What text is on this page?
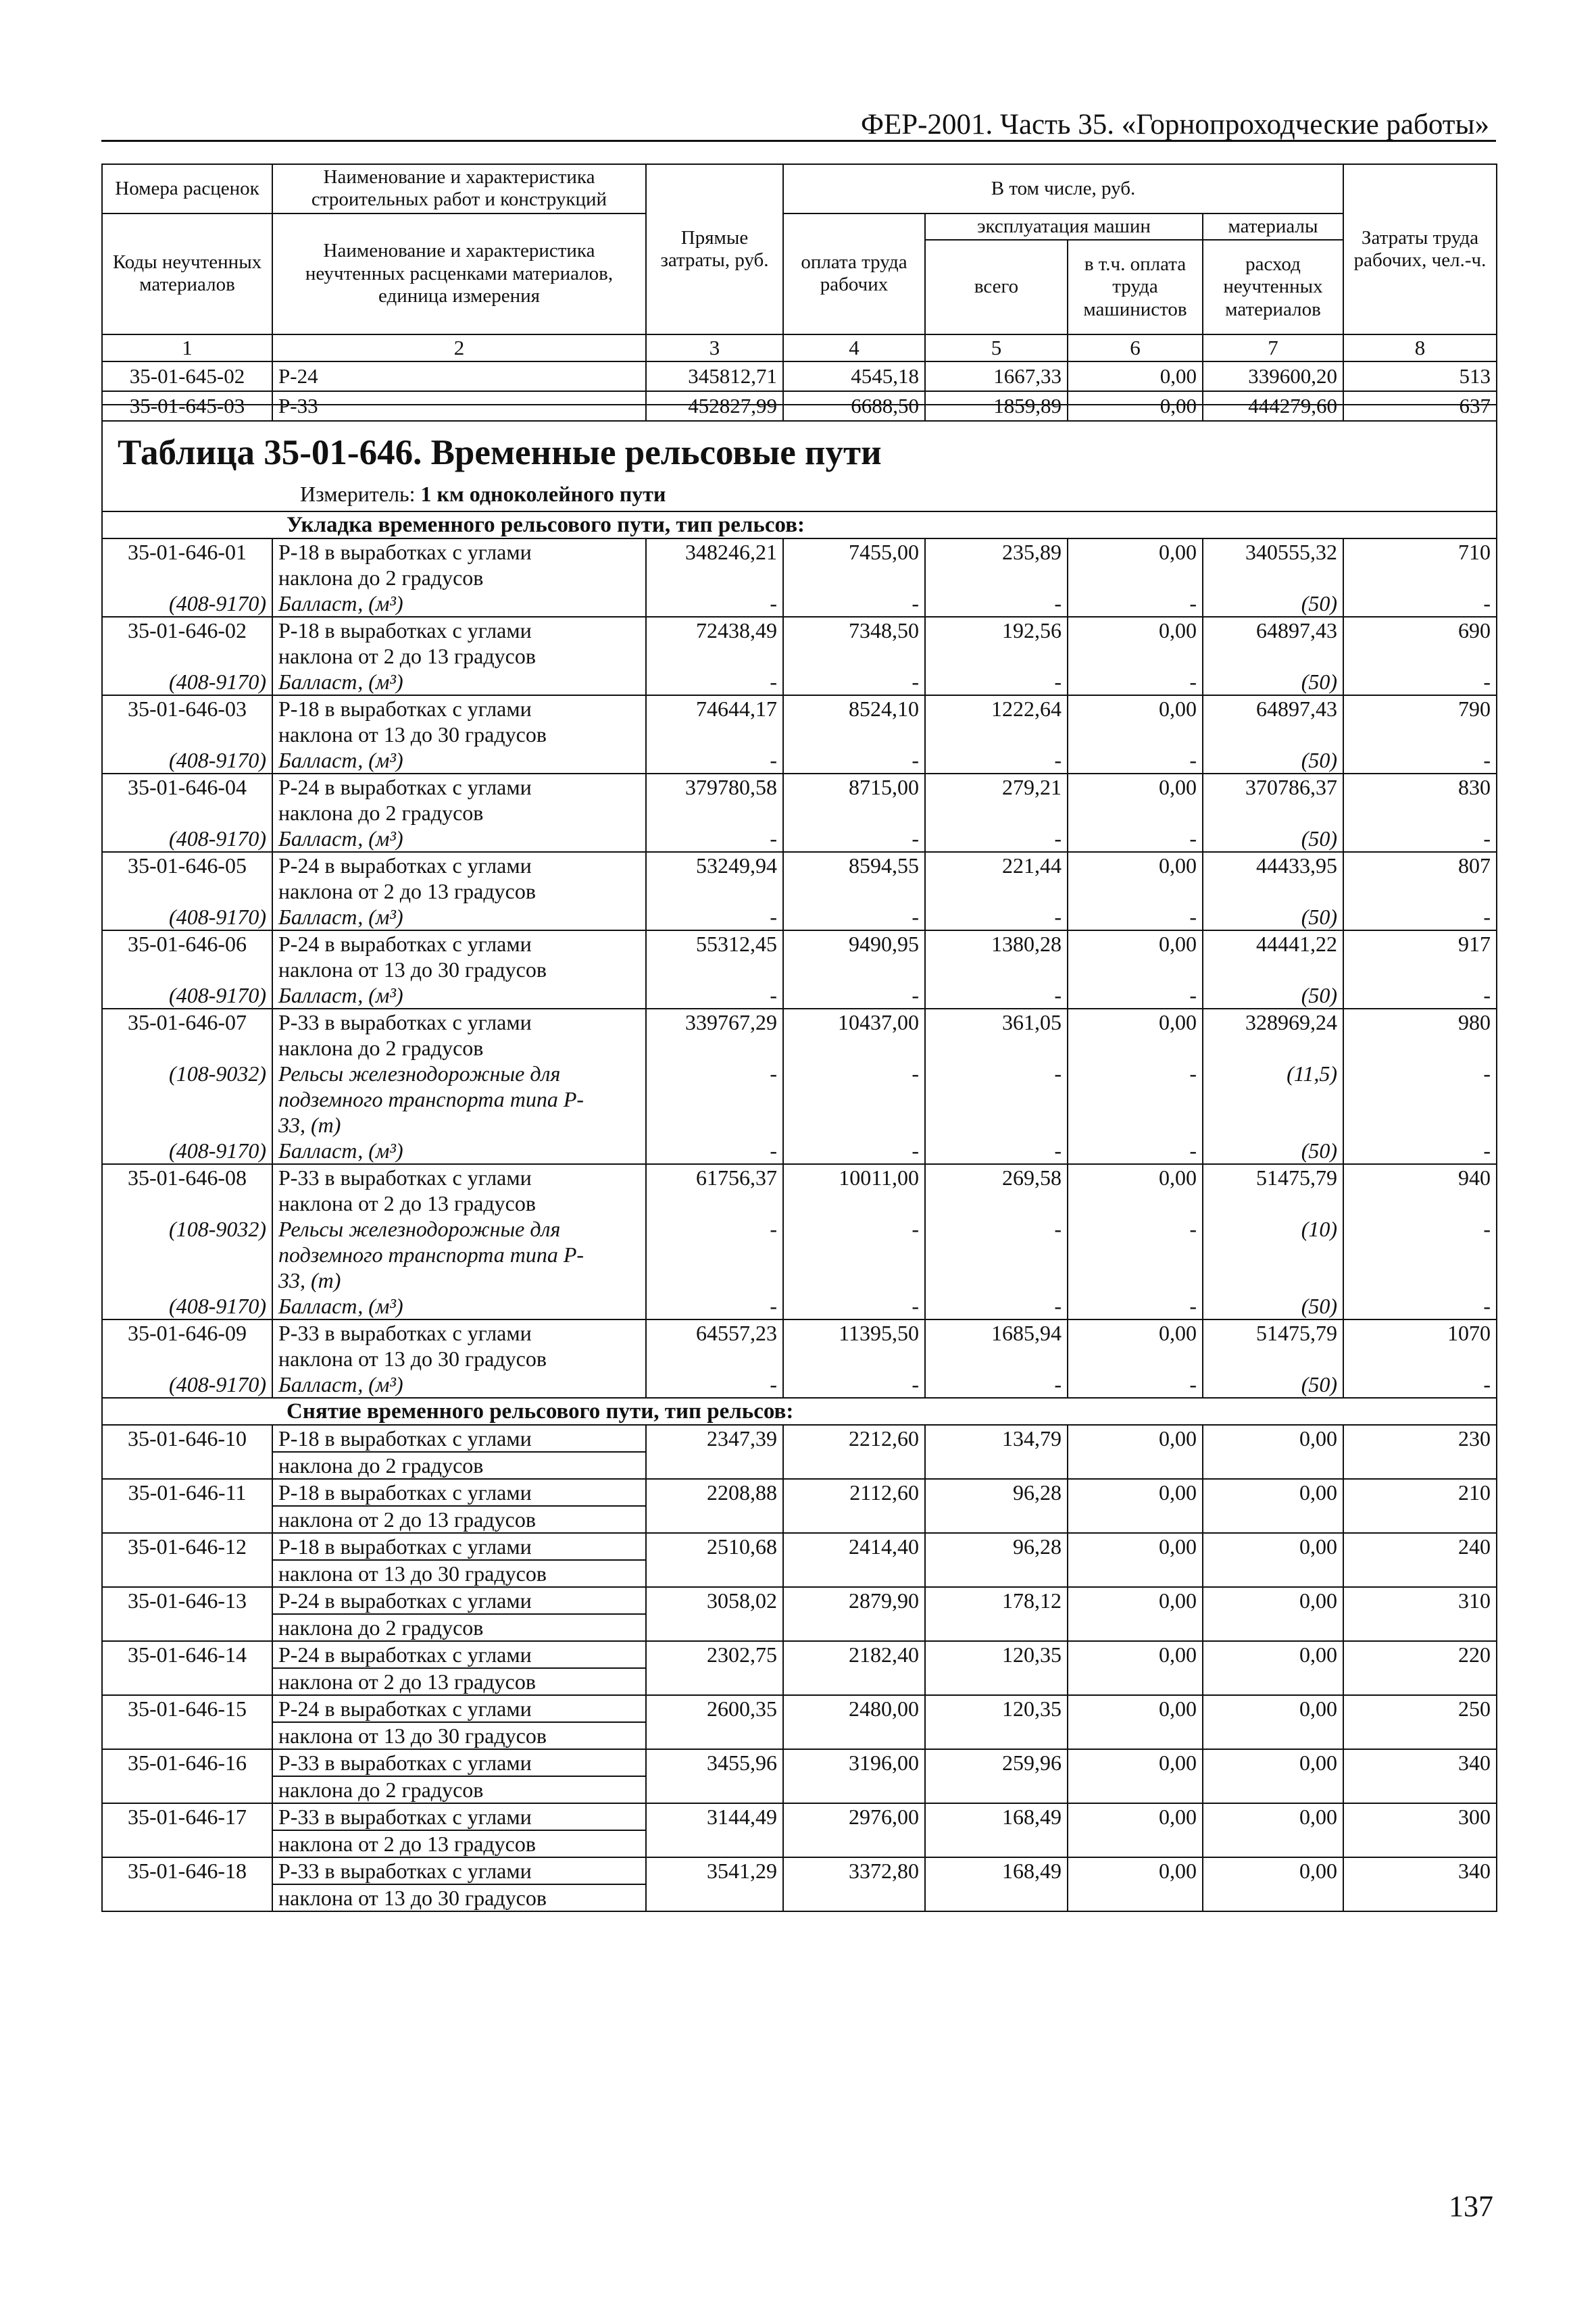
ФЕР-2001. Часть 35. «Горнопроходческие работы»
Номера расценок	Наименование и характеристика строительных работ и конструкций	Прямые затраты, руб.	В том числе, руб.				Затраты труда рабочих, чел.-ч.
Коды неучтенных материалов	Наименование и характеристика неучтенных расценками материалов, единица измерения		оплата труда рабочих	эксплуатация машин		материалы	
				всего	в т.ч. оплата труда машинистов	расход неучтенных материалов	
1	2	3	4	5	6	7	8
35-01-645-02	Р-24	345812,71	4545,18	1667,33	0,00	339600,20	513
35-01-645-03	Р-33	452827,99	6688,50	1859,89	0,00	444279,60	637
Таблица 35-01-646. Временные рельсовые пути
Измеритель: 1 км одноколейного пути							

Укладка временного рельсового пути, тип рельсов:							
35-01-646-01	Р-18 в выработках с углами	348246,21	7455,00	235,89	0,00	340555,32	710
	наклона до 2 градусов						
(408-9170)	Балласт, (м³)	-	-	-	-	(50)	-
35-01-646-02	Р-18 в выработках с углами	72438,49	7348,50	192,56	0,00	64897,43	690
	наклона от 2 до 13 градусов						
(408-9170)	Балласт, (м³)	-	-	-	-	(50)	-
35-01-646-03	Р-18 в выработках с углами	74644,17	8524,10	1222,64	0,00	64897,43	790
	наклона от 13 до 30 градусов						
(408-9170)	Балласт, (м³)	-	-	-	-	(50)	-
35-01-646-04	Р-24 в выработках с углами	379780,58	8715,00	279,21	0,00	370786,37	830
	наклона до 2 градусов						
(408-9170)	Балласт, (м³)	-	-	-	-	(50)	-
35-01-646-05	Р-24 в выработках с углами	53249,94	8594,55	221,44	0,00	44433,95	807
	наклона от 2 до 13 градусов						
(408-9170)	Балласт, (м³)	-	-	-	-	(50)	-
35-01-646-06	Р-24 в выработках с углами	55312,45	9490,95	1380,28	0,00	44441,22	917
	наклона от 13 до 30 градусов						
(408-9170)	Балласт, (м³)	-	-	-	-	(50)	-
35-01-646-07	Р-33 в выработках с углами	339767,29	10437,00	361,05	0,00	328969,24	980
	наклона до 2 градусов						
(108-9032)	Рельсы железнодорожные для	-	-	-	-	(11,5)	-
	подземного транспорта типа Р-						
	33, (т)						
(408-9170)	Балласт, (м³)	-	-	-	-	(50)	-
35-01-646-08	Р-33 в выработках с углами	61756,37	10011,00	269,58	0,00	51475,79	940
	наклона от 2 до 13 градусов						
(108-9032)	Рельсы железнодорожные для	-	-	-	-	(10)	-
	подземного транспорта типа Р-						
	33, (т)						
(408-9170)	Балласт, (м³)	-	-	-	-	(50)	-
35-01-646-09	Р-33 в выработках с углами	64557,23	11395,50	1685,94	0,00	51475,79	1070
	наклона от 13 до 30 градусов						
(408-9170)	Балласт, (м³)	-	-	-	-	(50)	-
Снятие временного рельсового пути, тип рельсов:							
35-01-646-10	Р-18 в выработках с углами	2347,39	2212,60	134,79	0,00	0,00	230
	наклона до 2 градусов						
35-01-646-11	Р-18 в выработках с углами	2208,88	2112,60	96,28	0,00	0,00	210
	наклона от 2 до 13 градусов						
35-01-646-12	Р-18 в выработках с углами	2510,68	2414,40	96,28	0,00	0,00	240
	наклона от 13 до 30 градусов						
35-01-646-13	Р-24 в выработках с углами	3058,02	2879,90	178,12	0,00	0,00	310
	наклона до 2 градусов						
35-01-646-14	Р-24 в выработках с углами	2302,75	2182,40	120,35	0,00	0,00	220
	наклона от 2 до 13 градусов						
35-01-646-15	Р-24 в выработках с углами	2600,35	2480,00	120,35	0,00	0,00	250
	наклона от 13 до 30 градусов						
35-01-646-16	Р-33 в выработках с углами	3455,96	3196,00	259,96	0,00	0,00	340
	наклона до 2 градусов						
35-01-646-17	Р-33 в выработках с углами	3144,49	2976,00	168,49	0,00	0,00	300
	наклона от 2 до 13 градусов						
35-01-646-18	Р-33 в выработках с углами	3541,29	3372,80	168,49	0,00	0,00	340
	наклона от 13 до 30 градусов						
137
